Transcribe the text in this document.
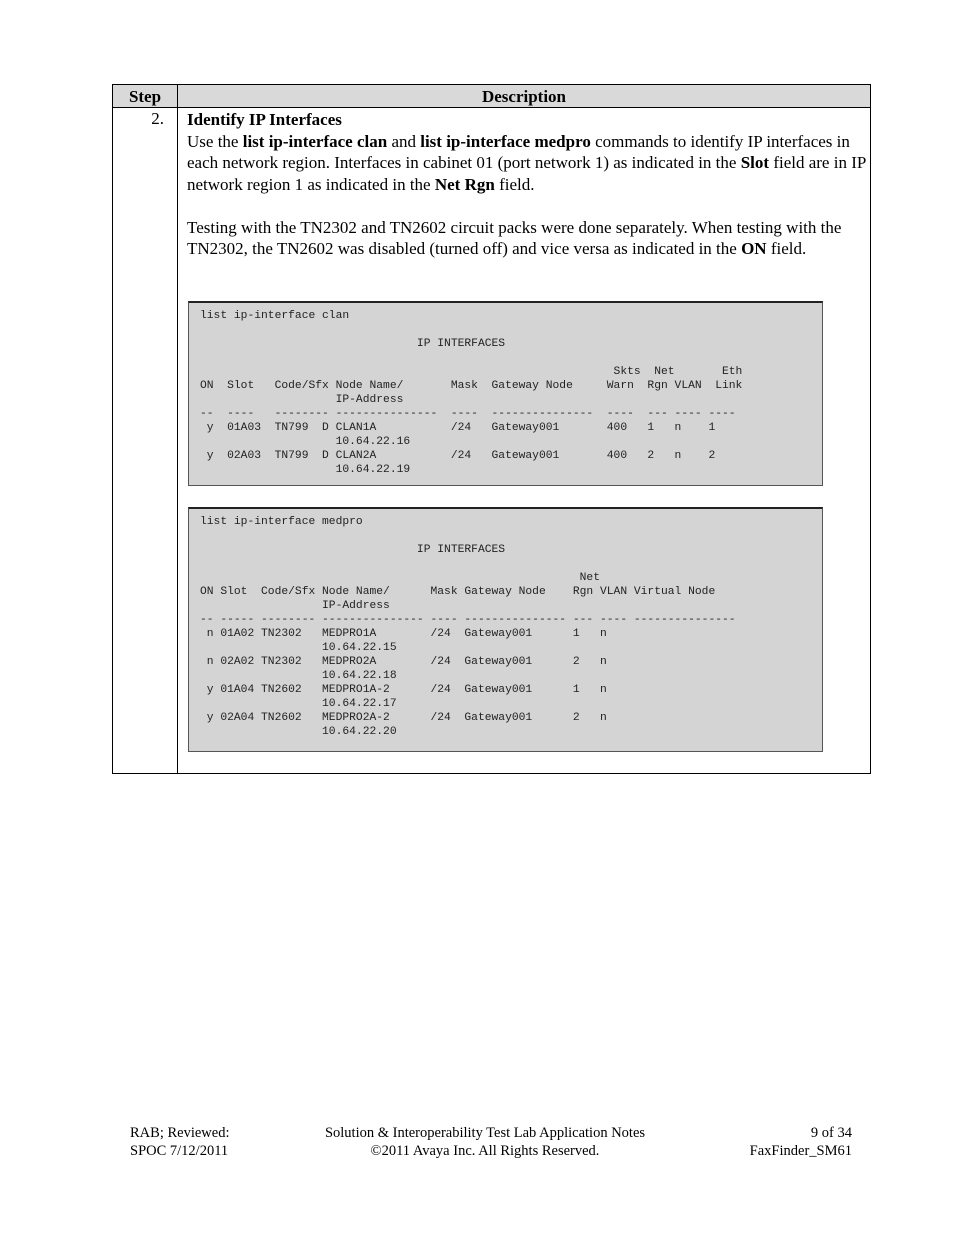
Step	Description
2. Identify IP Interfaces

Use the list ip-interface clan and list ip-interface medpro commands to identify IP interfaces in each network region. Interfaces in cabinet 01 (port network 1) as indicated in the Slot field are in IP network region 1 as indicated in the Net Rgn field.

Testing with the TN2302 and TN2602 circuit packs were done separately. When testing with the TN2302, the TN2602 was disabled (turned off) and vice versa as indicated in the ON field.

list ip-interface clan

IP INTERFACES

Skts  Net       Eth
ON  Slot   Code/Sfx Node Name/       Mask  Gateway Node     Warn  Rgn VLAN  Link
IP-Address
--  ----   -------- ---------------  ----  ---------------  ----  --- ---- ----
y  01A03  TN799  D CLAN1A           /24   Gateway001       400   1   n    1
10.64.22.16
y  02A03  TN799  D CLAN2A           /24   Gateway001       400   2   n    2
10.64.22.19
list ip-interface medpro

IP INTERFACES

Net
ON Slot  Code/Sfx Node Name/      Mask Gateway Node    Rgn VLAN Virtual Node
IP-Address
-- ----- -------- --------------- ---- --------------- --- ---- ---------------
n 01A02 TN2302   MEDPRO1A        /24  Gateway001      1   n
10.64.22.15
n 02A02 TN2302   MEDPRO2A        /24  Gateway001      2   n
10.64.22.18
y 01A04 TN2602   MEDPRO1A-2      /24  Gateway001      1   n
10.64.22.17
y 02A04 TN2602   MEDPRO2A-2      /24  Gateway001      2   n
10.64.22.20
RAB; Reviewed:
SPOC 7/12/2011
Solution & Interoperability Test Lab Application Notes
©2011 Avaya Inc. All Rights Reserved.
9 of 34
FaxFinder_SM61
